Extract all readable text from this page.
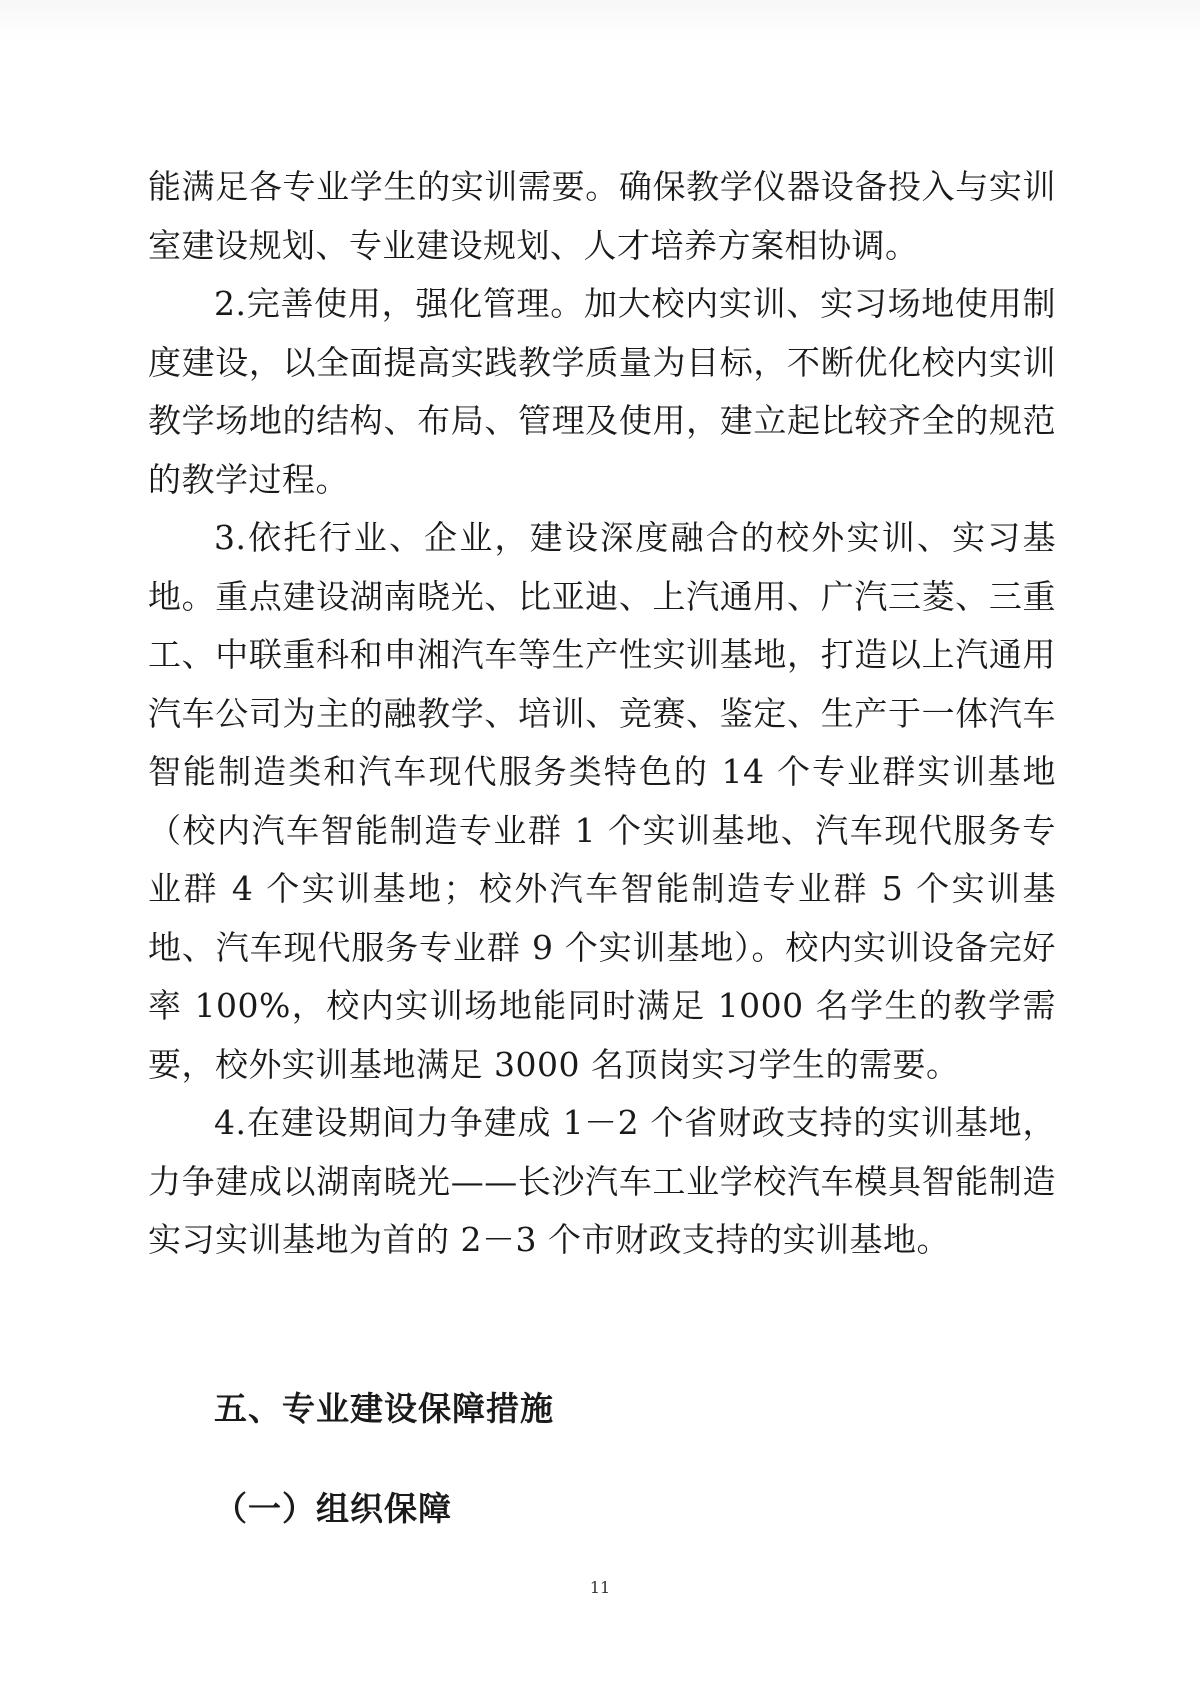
能满足各专业学生的实训需要。确保教学仪器设备投入与实训室建设规划、专业建设规划、人才培养方案相协调。

2.完善使用，强化管理。加大校内实训、实习场地使用制度建设，以全面提高实践教学质量为目标，不断优化校内实训教学场地的结构、布局、管理及使用，建立起比较齐全的规范的教学过程。

3.依托行业、企业，建设深度融合的校外实训、实习基地。重点建设湖南晓光、比亚迪、上汽通用、广汽三菱、三重工、中联重科和申湘汽车等生产性实训基地，打造以上汽通用汽车公司为主的融教学、培训、竞赛、鉴定、生产于一体汽车智能制造类和汽车现代服务类特色的 14 个专业群实训基地（校内汽车智能制造专业群 1 个实训基地、汽车现代服务专业群 4 个实训基地；校外汽车智能制造专业群 5 个实训基地、汽车现代服务专业群 9 个实训基地）。校内实训设备完好率 100%，校内实训场地能同时满足 1000 名学生的教学需要，校外实训基地满足 3000 名顶岗实习学生的需要。

4.在建设期间力争建成 1－2 个省财政支持的实训基地，力争建成以湖南晓光——长沙汽车工业学校汽车模具智能制造实习实训基地为首的 2－3 个市财政支持的实训基地。

五、专业建设保障措施
（一）组织保障
11
